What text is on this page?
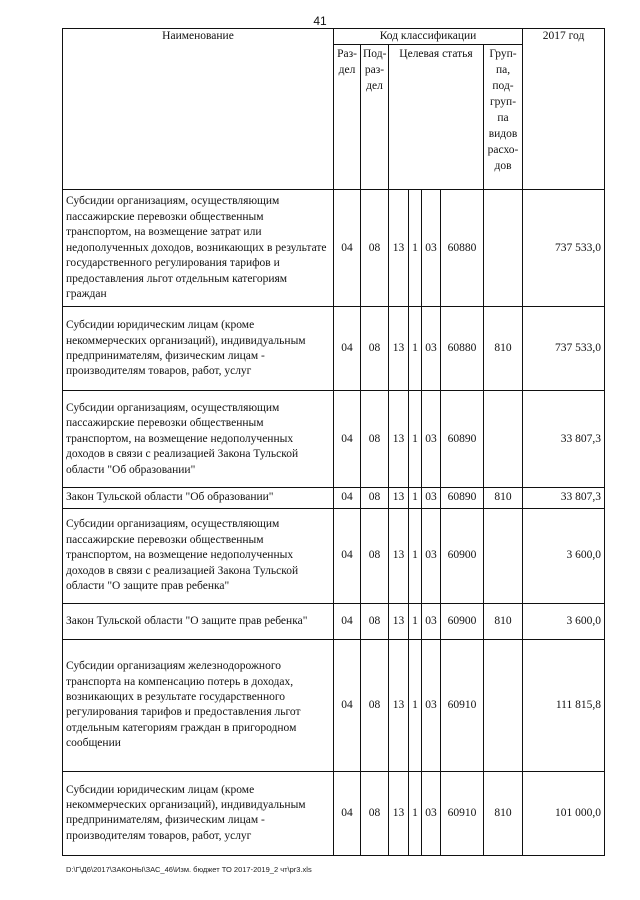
41
Наименование	Код классификации							2017 год
	Раз-дел	Под-раз-дел	Целевая статья				Груп-па, под-груп-па видов расхо-дов	
Субсидии организациям, осуществляющим пассажирские перевозки общественным транспортом, на возмещение затрат или недополученных доходов, возникающих в результате государственного регулирования тарифов и предоставления льгот отдельным категориям граждан	04	08	13	1	03	60880		737 533,0
Субсидии юридическим лицам (кроме некоммерческих организаций), индивидуальным предпринимателям, физическим лицам - производителям товаров, работ, услуг	04	08	13	1	03	60880	810	737 533,0
Субсидии организациям, осуществляющим пассажирские перевозки общественным транспортом, на возмещение недополученных доходов в связи с реализацией Закона Тульской области "Об образовании"	04	08	13	1	03	60890		33 807,3
Закон Тульской области "Об образовании"	04	08	13	1	03	60890	810	33 807,3
Субсидии организациям, осуществляющим пассажирские перевозки общественным транспортом, на возмещение недополученных доходов в связи с реализацией Закона Тульской области "О защите прав ребенка"	04	08	13	1	03	60900		3 600,0
Закон Тульской области "О защите прав ребенка"	04	08	13	1	03	60900	810	3 600,0
Субсидии организациям железнодорожного транспорта на компенсацию потерь в доходах, возникающих в результате государственного регулирования тарифов и предоставления льгот отдельным категориям граждан в пригородном сообщении	04	08	13	1	03	60910		111 815,8
Субсидии юридическим лицам (кроме некоммерческих организаций), индивидуальным предпринимателям, физическим лицам - производителям товаров, работ, услуг	04	08	13	1	03	60910	810	101 000,0
D:\Г\Д6\2017\ЗАКОНЫ\ЗАС_46\Изм. бюджет ТО 2017-2019_2 чт\pr3.xls
